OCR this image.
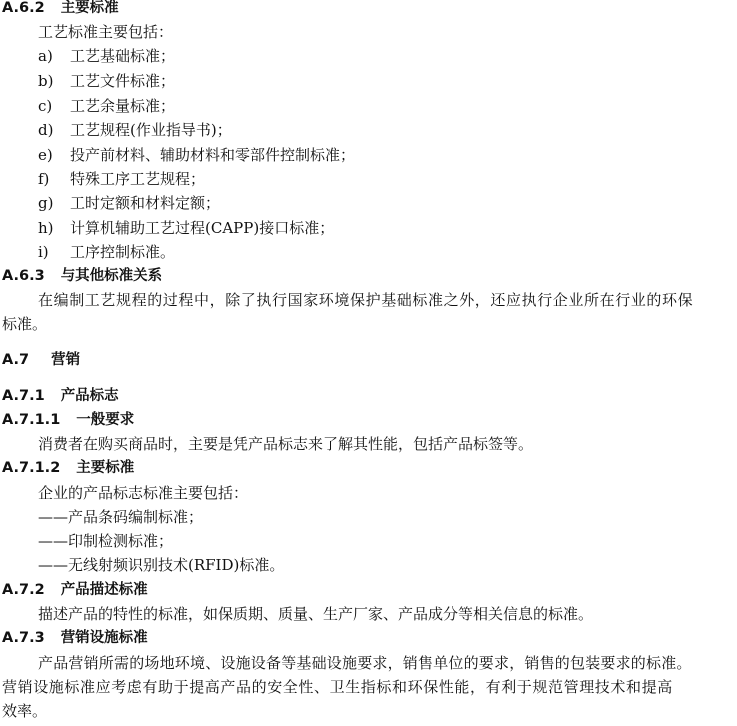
A.6.2 主要标准
工艺标准主要包括：
a) 工艺基础标准；
b) 工艺文件标准；
c) 工艺余量标准；
d) 工艺规程(作业指导书)；
e) 投产前材料、辅助材料和零部件控制标准；
f) 特殊工序工艺规程；
g) 工时定额和材料定额；
h) 计算机辅助工艺过程(CAPP)接口标准；
i) 工序控制标准。
A.6.3 与其他标准关系
在编制工艺规程的过程中，除了执行国家环境保护基础标准之外，还应执行企业所在行业的环保
标准。
A.7 营销
A.7.1 产品标志
A.7.1.1 一般要求
消费者在购买商品时，主要是凭产品标志来了解其性能，包括产品标签等。
A.7.1.2 主要标准
企业的产品标志标准主要包括：
——产品条码编制标准；
——印制检测标准；
——无线射频识别技术(RFID)标准。
A.7.2 产品描述标准
描述产品的特性的标准，如保质期、质量、生产厂家、产品成分等相关信息的标准。
A.7.3 营销设施标准
产品营销所需的场地环境、设施设备等基础设施要求，销售单位的要求，销售的包装要求的标准。
营销设施标准应考虑有助于提高产品的安全性、卫生指标和环保性能，有利于规范管理技术和提高
效率。
